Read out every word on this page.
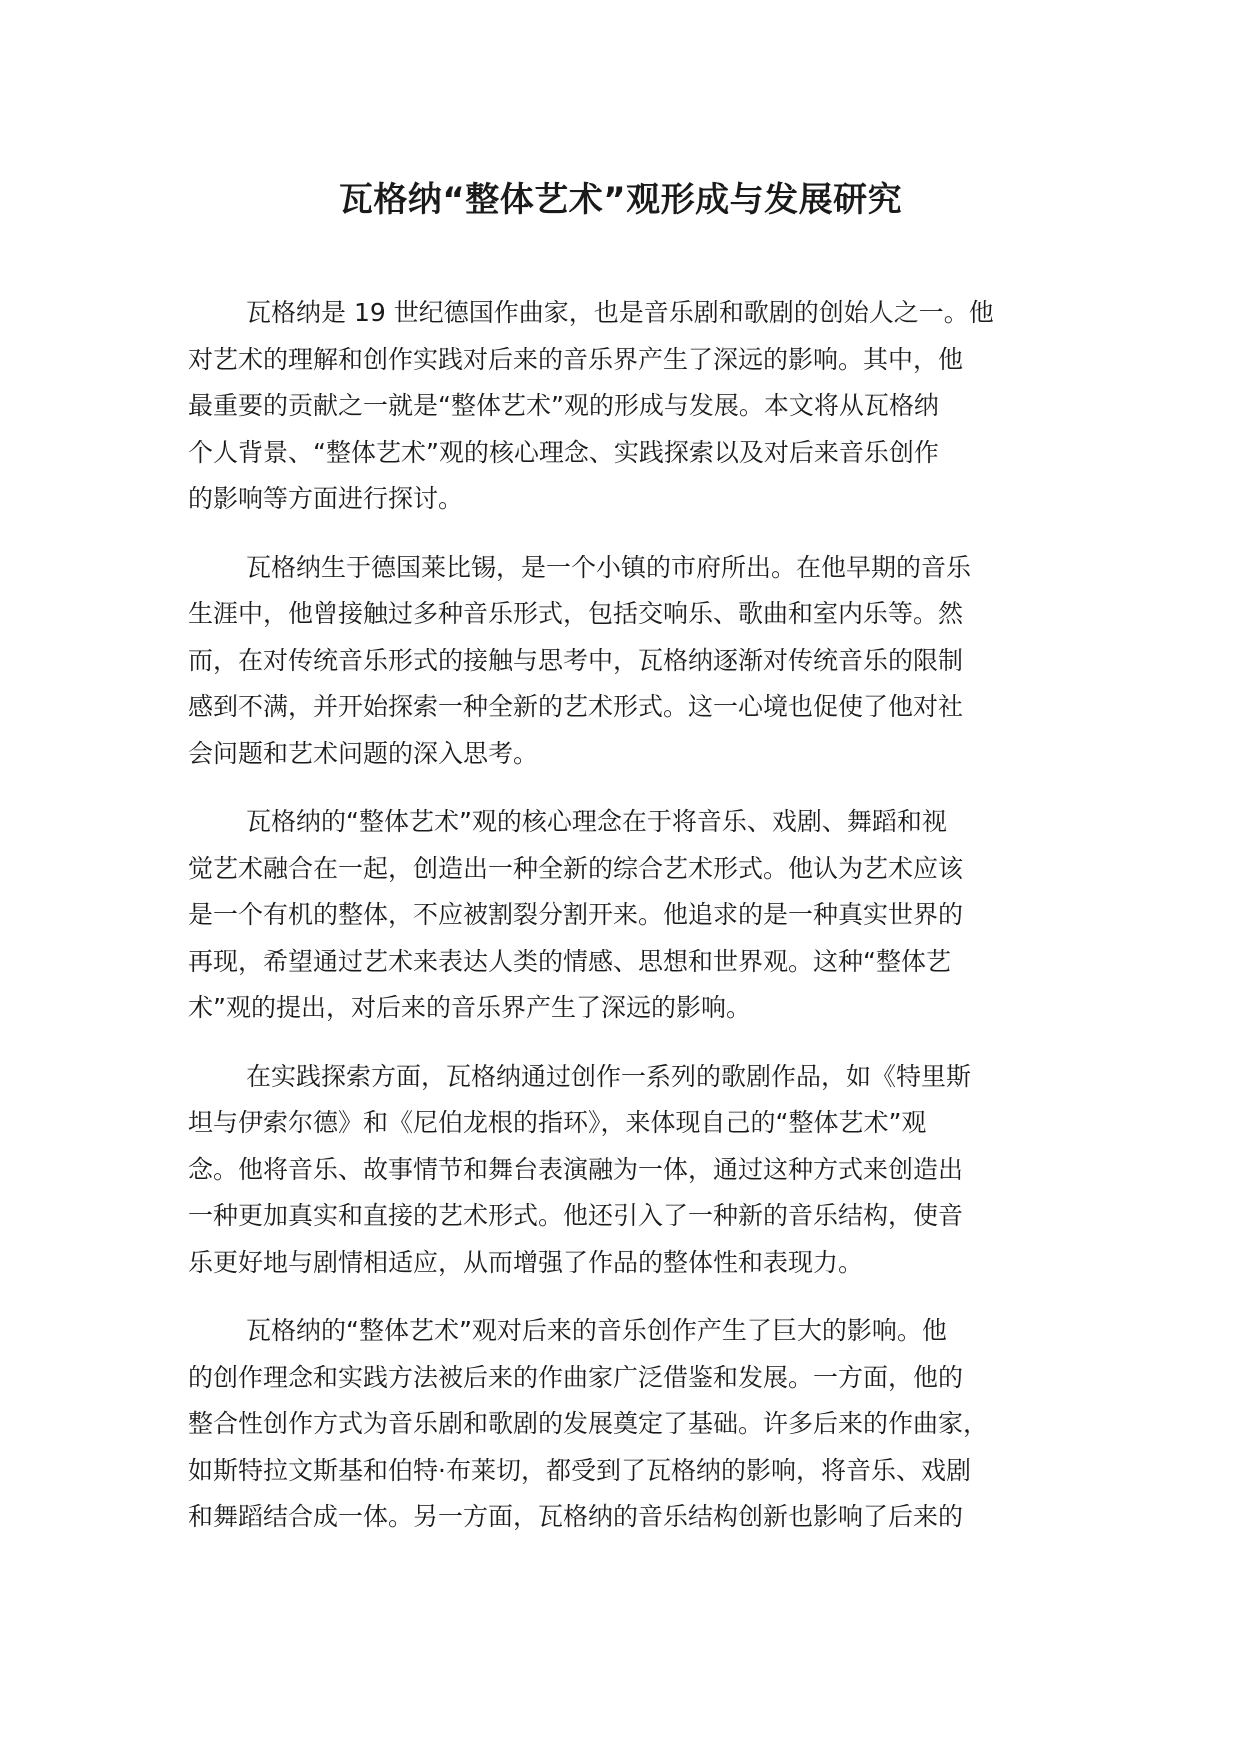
瓦格纳“整体艺术”观形成与发展研究

瓦格纳是 19 世纪德国作曲家，也是音乐剧和歌剧的创始人之一。他
对艺术的理解和创作实践对后来的音乐界产生了深远的影响。其中，他
最重要的贡献之一就是“整体艺术”观的形成与发展。本文将从瓦格纳
个人背景、“整体艺术”观的核心理念、实践探索以及对后来音乐创作
的影响等方面进行探讨。

瓦格纳生于德国莱比锡，是一个小镇的市府所出。在他早期的音乐
生涯中，他曾接触过多种音乐形式，包括交响乐、歌曲和室内乐等。然
而，在对传统音乐形式的接触与思考中，瓦格纳逐渐对传统音乐的限制
感到不满，并开始探索一种全新的艺术形式。这一心境也促使了他对社
会问题和艺术问题的深入思考。

瓦格纳的“整体艺术”观的核心理念在于将音乐、戏剧、舞蹈和视
觉艺术融合在一起，创造出一种全新的综合艺术形式。他认为艺术应该
是一个有机的整体，不应被割裂分割开来。他追求的是一种真实世界的
再现，希望通过艺术来表达人类的情感、思想和世界观。这种“整体艺
术”观的提出，对后来的音乐界产生了深远的影响。

在实践探索方面，瓦格纳通过创作一系列的歌剧作品，如《特里斯
坦与伊索尔德》和《尼伯龙根的指环》，来体现自己的“整体艺术”观
念。他将音乐、故事情节和舞台表演融为一体，通过这种方式来创造出
一种更加真实和直接的艺术形式。他还引入了一种新的音乐结构，使音
乐更好地与剧情相适应，从而增强了作品的整体性和表现力。

瓦格纳的“整体艺术”观对后来的音乐创作产生了巨大的影响。他
的创作理念和实践方法被后来的作曲家广泛借鉴和发展。一方面，他的
整合性创作方式为音乐剧和歌剧的发展奠定了基础。许多后来的作曲家，
如斯特拉文斯基和伯特·布莱切，都受到了瓦格纳的影响，将音乐、戏剧
和舞蹈结合成一体。另一方面，瓦格纳的音乐结构创新也影响了后来的
